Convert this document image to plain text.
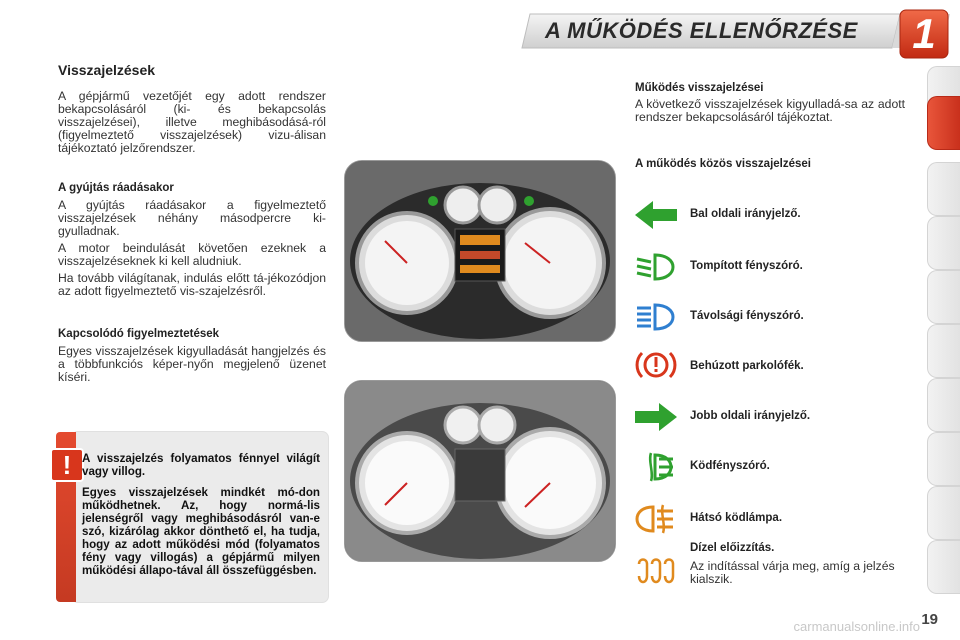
A MŰKÖDÉS ELLENŐRZÉSE	1
Visszajelzések
A gépjármű vezetőjét egy adott rendszer bekapcsolásáról (ki- és bekapcsolás visszajelzései), illetve meghibásodásá-ról (figyelmeztető visszajelzések) vizu-álisan tájékoztató jelzőrendszer.
A gyújtás ráadásakor
A gyújtás ráadásakor a figyelmeztető visszajelzések néhány másodpercre ki-gyulladnak.
A motor beindulását követően ezeknek a visszajelzéseknek ki kell aludniuk.
Ha tovább világítanak, indulás előtt tá-jékozódjon az adott figyelmeztető vis-szajelzésről.
Kapcsolódó figyelmeztetések
Egyes visszajelzések kigyulladását hangjelzés és a többfunkciós képer-nyőn megjelenő üzenet kíséri.
! A visszajelzés folyamatos fénnyel világít vagy villog.
Egyes visszajelzések mindkét mó-don működhetnek. Az, hogy normá-lis jelenségről vagy meghibásodásról van-e szó, kizárólag akkor dönthető el, ha tudja, hogy az adott működési mód (folyamatos fény vagy villogás) a gépjármű milyen működési állapo-tával áll összefüggésben.
Működés visszajelzései
A következő visszajelzések kigyulladá-sa az adott rendszer bekapcsolásáról tájékoztat.
A működés közös visszajelzései
Bal oldali irányjelző.
Tompított fényszóró.
Távolsági fényszóró.
Behúzott parkolófék.
Jobb oldali irányjelző.
Ködfényszóró.
Hátsó ködlámpa.
Dízel előizzítás.
Az indítással várja meg, amíg a jelzés kialszik.
carmanualsonline.info 19
